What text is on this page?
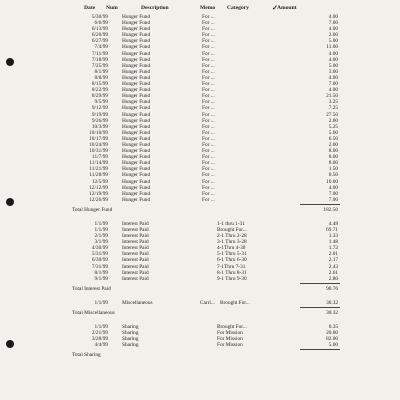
Date Num	Description	Memo Category	✓ Amount
5/30/99	Hunger Fund	For ...	4.00
6/6/99	Hunger Fund	For ...	7.00
6/13/99	Hunger Fund	For ...	4.00
6/20/99	Hunger Fund	For ...	2.00
6/27/99	Hunger Fund	For ...	5.00
7/4/99	Hunger Fund	For ...	11.00
7/11/99	Hunger Fund	For ...	4.00
7/18/99	Hunger Fund	For ...	4.00
7/25/99	Hunger Fund	For ...	5.00
8/1/99	Hunger Fund	For ...	3.00
8/8/99	Hunger Fund	For ...	4.00
8/15/99	Hunger Fund	For ...	7.00
8/22/99	Hunger Fund	For ...	4.00
8/29/99	Hunger Fund	For ...	21.50
9/5/99	Hunger Fund	For ...	3.25
9/12/99	Hunger Fund	For ...	7.25
9/19/99	Hunger Fund	For ...	27.50
9/26/99	Hunger Fund	For ...	2.00
10/3/99	Hunger Fund	For ...	5.25
10/10/99	Hunger Fund	For ...	5.00
10/17/99	Hunger Fund	For ...	6.50
10/24/99	Hunger Fund	For ...	2.00
10/31/99	Hunger Fund	For ...	8.00
11/7/99	Hunger Fund	For ...	8.00
11/14/99	Hunger Fund	For ...	8.00
11/21/99	Hunger Fund	For ...	1.50
11/28/99	Hunger Fund	For ...	0.50
12/5/99	Hunger Fund	For ...	10.00
12/12/99	Hunger Fund	For ...	4.00
12/19/99	Hunger Fund	For ...	7.00
12/26/99	Hunger Fund	For ...	7.00
Total Hunger Fund	182.50
1/1/99	Interest Paid	1-1 thru 1-31	4.48
1/1/99	Interest Paid	Brought For...	69.71
2/1/99	Interest Paid	2-1 Thru 2-28	1.33
3/1/99	Interest Paid	3-1 Thru 3-28	1.48
4/30/99	Interest Paid	4-1Thru 4-30	1.72
5/31/99	Interest Paid	5-1 Thru 5-31	2.01
6/30/99	Interest Paid	6-1 Thru 6-30	2.17
7/31/99	Interest Paid	7-1Thru 7-31	2.43
8/1/99	Interest Paid	8-1 Thru 8-31	2.61
9/1/99	Interest Paid	9-1 Thru 9-30	2.80
Total Interest Paid	90.76
1/1/99	Miscellaneous	Carri... Brought For...	30.32
Total Miscellaneous	30.32
1/1/99	Sharing	Brought For...	0.35
2/21/99	Sharing	For Mission	20.00
3/28/99	Sharing	For Mission	82.00
4/4/99	Sharing	For Mission	5.00
Total Sharing
